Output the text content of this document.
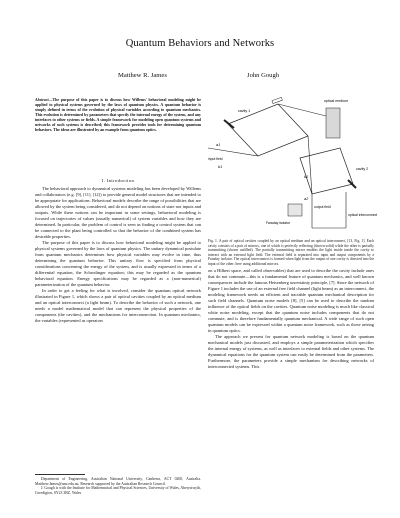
Quantum Behaviors and Networks
Matthew R. James	John Gough
Abstract—The purpose of this paper is to discuss how Willems' behavioral modeling might be applied to physical systems governed by the laws of quantum physics. A quantum behavior is simply defined in terms of the evolution of physical variables according to quantum mechanics. This evolution is determined by parameters that specify the internal energy of the system, and any interfaces to other systems or fields. A simple framework for modeling open quantum systems and networks of such systems is described; this framework provides tools for determining quantum behaviors. The ideas are illustrated by an example from quantum optics.
I. Introduction

The behavioral approach to dynamical systems modeling has been developed by Willems and collaborators (e.g. [9], [11], [12]) to provide general model structures that are intended to be appropriate for applications. Behavioral models describe the range of possibilities that are allowed by the system being considered, and do not depend on notions of state nor inputs and outputs. While these notions can be important in some settings, behavioral modeling is focused on trajectories of values (usually numerical) of system variables and how they are determined. In particular, the problem of control is seen as finding a control system that can be connected to the plant being controlled so that the behavior of the combined system has desirable properties.

The purpose of this paper is to discuss how behavioral modeling might be applied to physical systems governed by the laws of quantum physics. The unitary dynamical postulate from quantum mechanics determines how physical variables may evolve in time, thus determining the quantum behavior. This unitary flow is specified from physical considerations concerning the energy of the system, and is usually expressed in terms of a differential equation, the Schrodinger equation; this may be regarded as the quantum behavioral equation. Energy specifications may be regarded as a (non-numerical) parameterization of the quantum behavior.

In order to get a feeling for what is involved, consider the quantum optical network illustrated in Figure 1, which shows a pair of optical cavities coupled by an optical medium and an optical interconnect (a light beam). To describe the behavior of such a network, one needs a model mathematical model that can represent the physical properties of the components (the cavities), and the mechanisms for interconnection. In quantum mechanics, the variables (represented as operators

optical medium
Faraday isolator
cavity 1
cavity 2
input field
optical interconnect
output field
a1
a2
b1
b2
Fig. 1. A pair of optical cavities coupled by an optical medium and an optical interconnect, [13, Fig. 1]. Each cavity consists of a pair of mirrors, one of which is perfectly reflecting (shown solid) while the other is partially transmitting (shown unfilled). The partially transmitting mirror enables the light inside inside the cavity to interact with an external light field. The external field is separated into input and output components by a Faraday isolator. The optical interconnect is formed when light from the output of one cavity is directed into the input of the other; here using additional mirrors.

on a Hilbert space, and called observables) that are used to describe the cavity include ones that do not commute—this is a fundamental feature of quantum mechanics, and well known consequences include the famous Heisenberg uncertainty principle, [7]. Since the network of Figure 1 includes the use of an external free field channel (light beam) as an interconnect, the modeling framework needs an efficient and tractable quantum mechanical description for such field channels. Quantum noise models [8], [5] can be used to describe the random influence of the optical fields on the cavities. Quantum noise modeling is much like classical white noise modeling, except that the quantum noise includes components that do not commute, and is therefore fundamentally quantum mechanical. A wide range of such open quantum models can be expressed within a quantum noise framework, such as those arising in quantum optics.

The approach we present for quantum network modeling is based on the quantum mechanical models just discussed, and employs a simple parameterization which specifies the internal energy of systems, as well as interfaces to external fields and other systems. The dynamical equations for the quantum system can easily be determined from the parameters. Furthermore, the parameters provide a simple mechanism for describing networks of interconnected systems. This

Department of Engineering, Australian National University, Canberra, ACT 0200, Australia. Matthew.James@anu.edu.au. Research supported by the Australian Research Council.

J. Gough is with the Institute for Mathematical and Physical Sciences, University of Wales, Aberystwyth, Ceredigion, SY23 3BZ, Wales
